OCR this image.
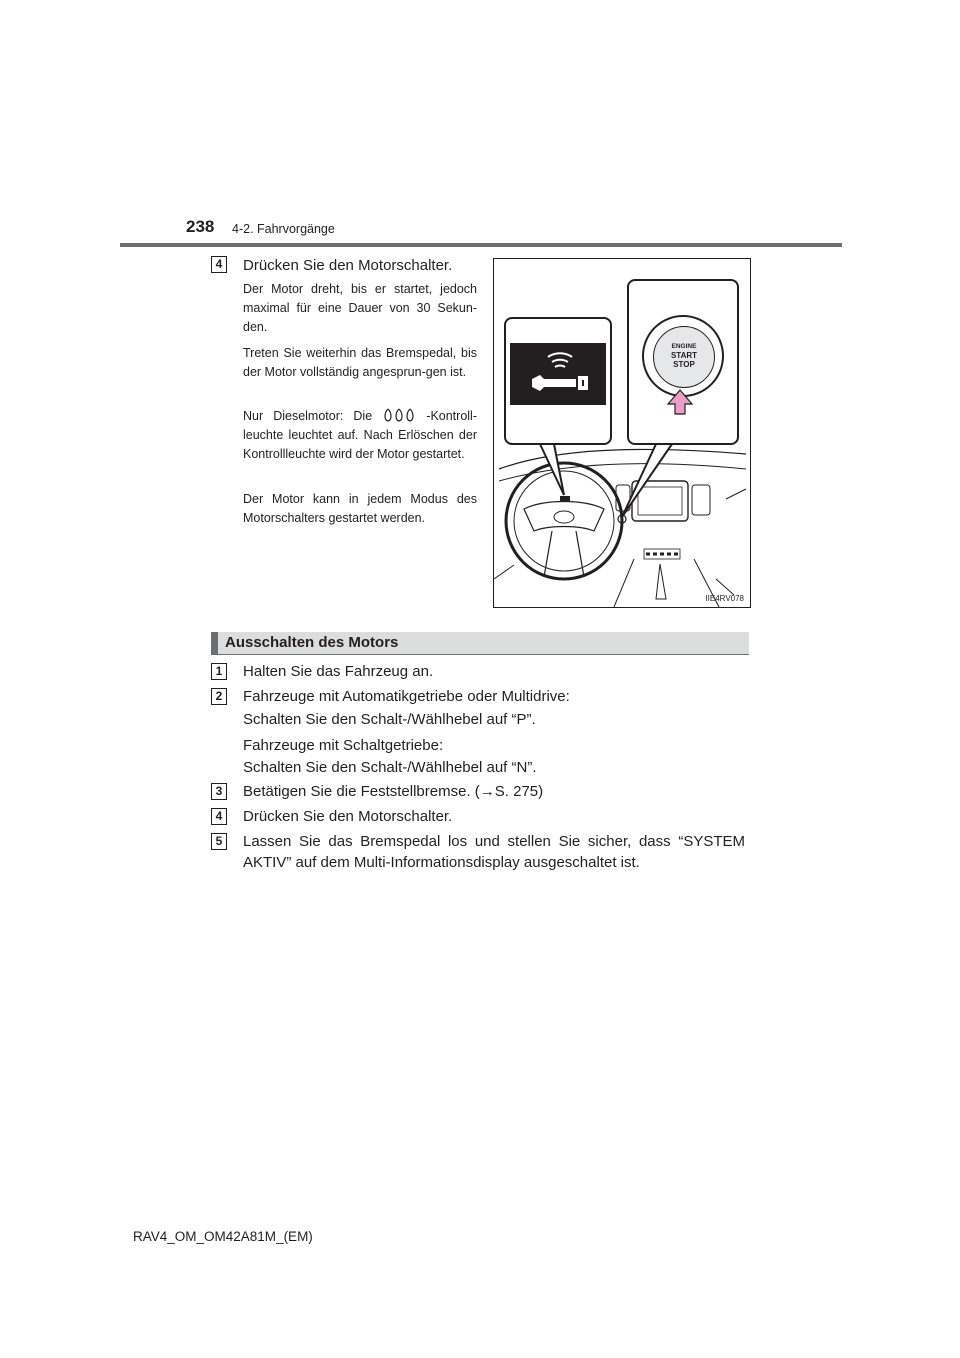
238 4-2. Fahrvorgänge
4	Drücken Sie den Motorschalter.
Der Motor dreht, bis er startet, jedoch maximal für eine Dauer von 30 Sekun-den.
Treten Sie weiterhin das Bremspedal, bis der Motor vollständig angesprun-gen ist.
Nur Dieselmotor: Die	-Kontroll-leuchte leuchtet auf. Nach Erlöschen der Kontrollleuchte wird der Motor gestartet.
Der Motor kann in jedem Modus des Motorschalters gestartet werden.
ENGINE
START
STOP
IIE4RV078
Ausschalten des Motors
1	Halten Sie das Fahrzeug an.
2	Fahrzeuge mit Automatikgetriebe oder Multidrive:
Schalten Sie den Schalt-/Wählhebel auf “P”.
Fahrzeuge mit Schaltgetriebe:
Schalten Sie den Schalt-/Wählhebel auf “N”.
3	Betätigen Sie die Feststellbremse. (→S. 275)
4	Drücken Sie den Motorschalter.
5	Lassen Sie das Bremspedal los und stellen Sie sicher, dass “SYSTEM AKTIV” auf dem Multi-Informationsdisplay ausgeschaltet ist.
RAV4_OM_OM42A81M_(EM)
